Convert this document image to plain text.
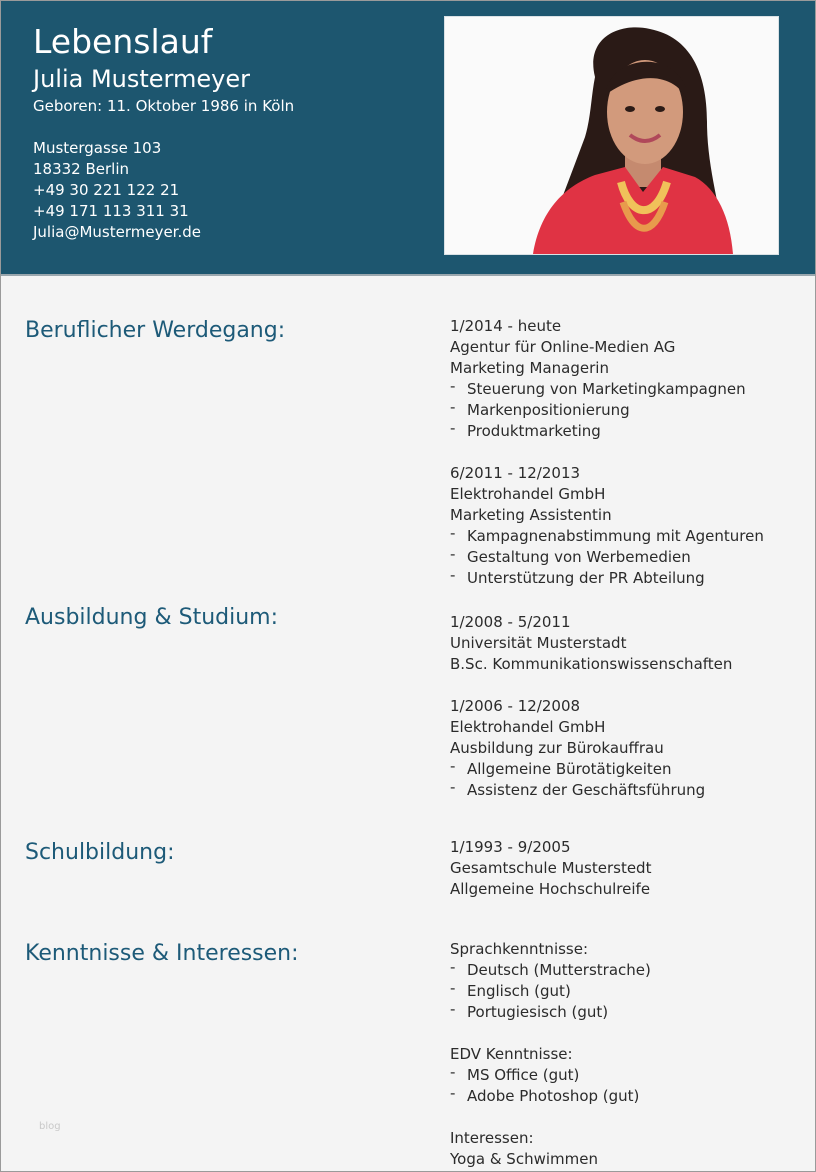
Lebenslauf
Julia Mustermeyer
Geboren: 11. Oktober 1986 in Köln
Mustergasse 103
18332 Berlin
+49 30 221 122 21
+49 171 113 311 31
Julia@Mustermeyer.de
Beruflicher Werdegang:	1/2014 - heute
Agentur für Online-Medien AG
Marketing Managerin
- Steuerung von Marketingkampagnen
- Markenpositionierung
- Produktmarketing
6/2011 - 12/2013
Elektrohandel GmbH
Marketing Assistentin
- Kampagnenabstimmung mit Agenturen
- Gestaltung von Werbemedien
- Unterstützung der PR Abteilung
Ausbildung & Studium:	1/2008 - 5/2011
Universität Musterstadt
B.Sc. Kommunikationswissenschaften
1/2006 - 12/2008
Elektrohandel GmbH
Ausbildung zur Bürokauffrau
- Allgemeine Bürotätigkeiten
- Assistenz der Geschäftsführung
Schulbildung:	1/1993 - 9/2005
Gesamtschule Musterstedt
Allgemeine Hochschulreife
Kenntnisse & Interessen:	Sprachkenntnisse:
- Deutsch (Mutterstrache)
- Englisch (gut)
- Portugiesisch (gut)
EDV Kenntnisse:
- MS Office (gut)
- Adobe Photoshop (gut)
Interessen:
Yoga & Schwimmen
blog
